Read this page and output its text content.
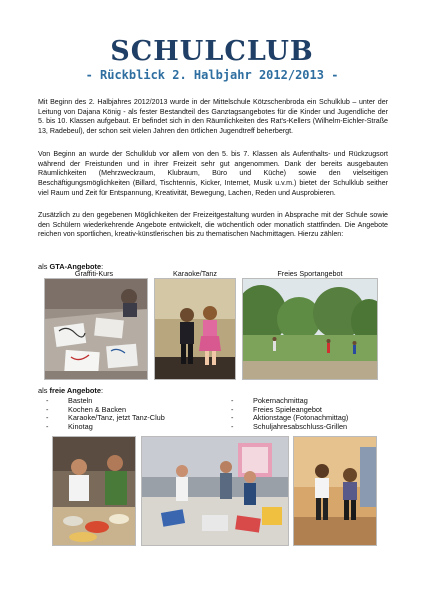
SCHULCLUB
- Rückblick 2. Halbjahr 2012/2013 -

Mit Beginn des 2. Halbjahres 2012/2013 wurde in der Mittelschule Kötzschenbroda ein Schulklub – unter der Leitung von Dajana König - als fester Bestandteil des Ganztagsangebotes für die Kinder und Jugendliche der 5. bis 10. Klassen aufgebaut. Er befindet sich in den Räumlichkeiten des Rat's-Kellers (Wilhelm-Eichler-Straße 13, Radebeul), der schon seit vielen Jahren den örtlichen Jugendtreff beherbergt.

Von Beginn an wurde der Schulklub vor allem von den 5. bis 7. Klassen als Aufenthalts- und Rückzugsort während der Freistunden und in ihrer Freizeit sehr gut angenommen. Dank der bereits ausgebauten Räumlichkeiten (Mehrzweckraum, Klubraum, Büro und Küche) sowie den vielseitigen Beschäftigungsmöglichkeiten (Billard, Tischtennis, Kicker, Internet, Musik u.v.m.) bietet der Schulklub seither viel Raum und Zeit für Entspannung, Kreativität, Bewegung, Lachen, Reden und Ausprobieren.

Zusätzlich zu den gegebenen Möglichkeiten der Freizeitgestaltung wurden in Absprache mit der Schule sowie den Schülern wiederkehrende Angebote entwickelt, die wöchentlich oder monatlich stattfinden. Die Angebote reichen von sportlichen, kreativ-künstlerischen bis zu thematischen Nachmittagen. Hierzu zählen:

als GTA-Angebote:
Graffiti-Kurs	Karaoke/Tanz	Freies Sportangebot
als freie Angebote:
-	Basteln
-	Kochen & Backen
-	Karaoke/Tanz, jetzt Tanz-Club
-	Kinotag
-	Pokernachmittag
-	Freies Spieleangebot
-	Aktionstage (Fotonachmittag)
-	Schuljahresabschluss-Grillen
